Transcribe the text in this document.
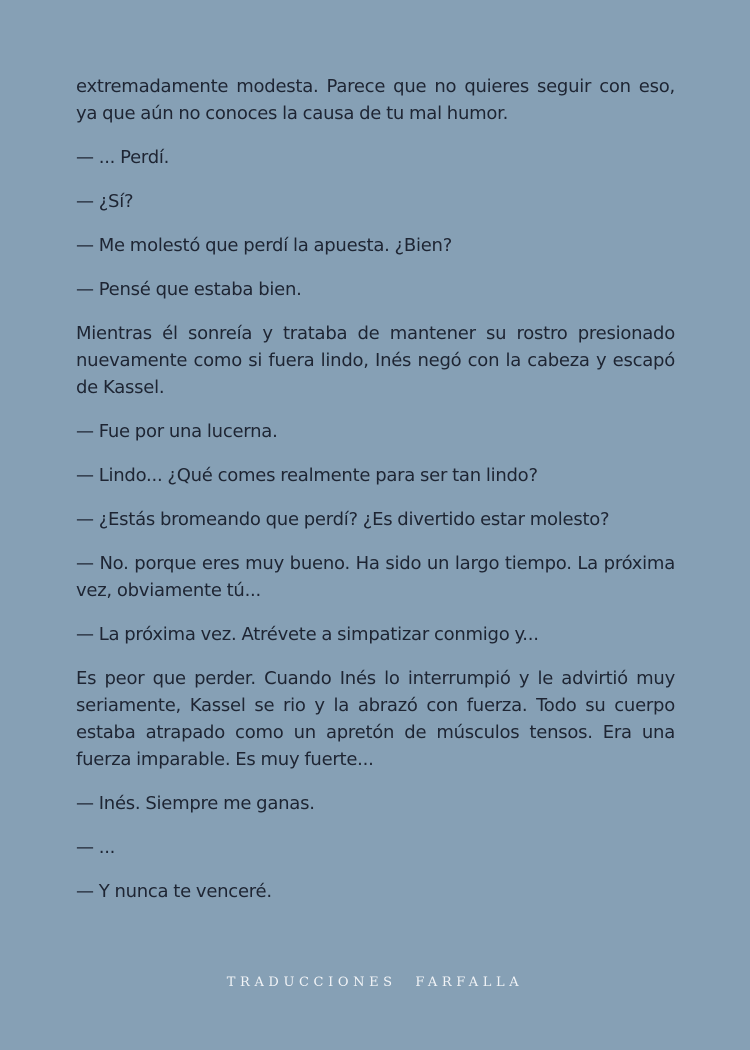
extremadamente modesta. Parece que no quieres seguir con eso, ya que aún no conoces la causa de tu mal humor.

— ... Perdí.

— ¿Sí?

— Me molestó que perdí la apuesta. ¿Bien?

— Pensé que estaba bien.

Mientras él sonreía y trataba de mantener su rostro presionado nuevamente como si fuera lindo, Inés negó con la cabeza y escapó de Kassel.

— Fue por una lucerna.

— Lindo... ¿Qué comes realmente para ser tan lindo?

— ¿Estás bromeando que perdí? ¿Es divertido estar molesto?

— No. porque eres muy bueno. Ha sido un largo tiempo. La próxima vez, obviamente tú...

— La próxima vez. Atrévete a simpatizar conmigo y...

Es peor que perder. Cuando Inés lo interrumpió y le advirtió muy seriamente, Kassel se rio y la abrazó con fuerza. Todo su cuerpo estaba atrapado como un apretón de músculos tensos. Era una fuerza imparable. Es muy fuerte...

— Inés. Siempre me ganas.

— ...

— Y nunca te venceré.

TRADUCCIONES FARFALLA
